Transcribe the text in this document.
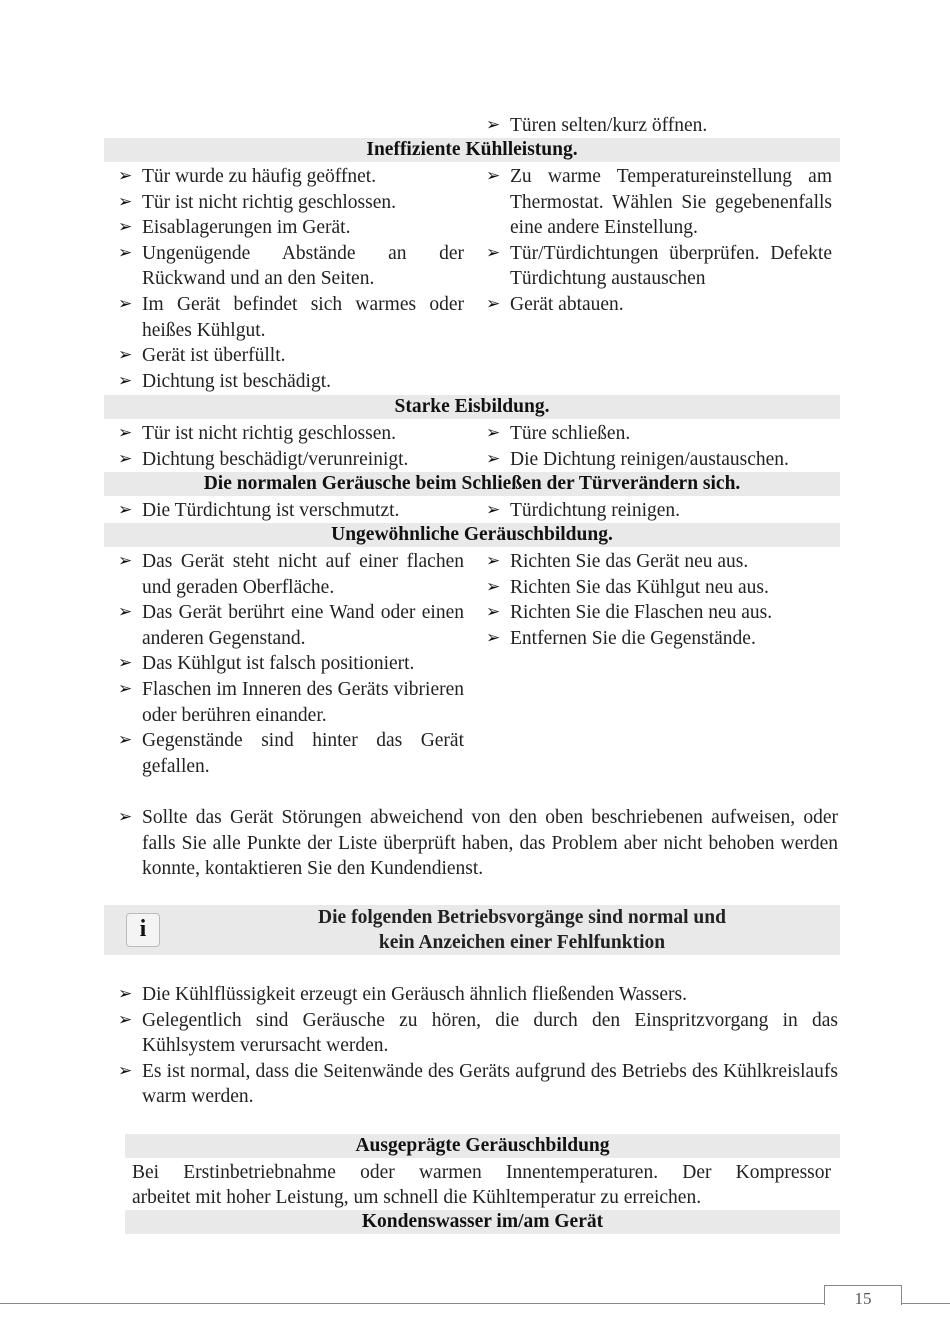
➢ Türen selten/kurz öffnen.
Ineffiziente Kühlleistung.
➢ Tür wurde zu häufig geöffnet.
➢ Tür ist nicht richtig geschlossen.
➢ Eisablagerungen im Gerät.
➢ Ungenügende Abstände an der Rückwand und an den Seiten.
➢ Im Gerät befindet sich warmes oder heißes Kühlgut.
➢ Gerät ist überfüllt.
➢ Dichtung ist beschädigt.
➢ Zu warme Temperatureinstellung am Thermostat. Wählen Sie gegebenenfalls eine andere Einstellung.
➢ Tür/Türdichtungen überprüfen. Defekte Türdichtung austauschen
➢ Gerät abtauen.
Starke Eisbildung.
➢ Tür ist nicht richtig geschlossen.
➢ Dichtung beschädigt/verunreinigt.
➢ Türe schließen.
➢ Die Dichtung reinigen/austauschen.
Die normalen Geräusche beim Schließen der Türverändern sich.
➢ Die Türdichtung ist verschmutzt.	➢ Türdichtung reinigen.
Ungewöhnliche Geräuschbildung.
➢ Das Gerät steht nicht auf einer flachen und geraden Oberfläche.
➢ Das Gerät berührt eine Wand oder einen anderen Gegenstand.
➢ Das Kühlgut ist falsch positioniert.
➢ Flaschen im Inneren des Geräts vibrieren oder berühren einander.
➢ Gegenstände sind hinter das Gerät gefallen.
➢ Richten Sie das Gerät neu aus.
➢ Richten Sie das Kühlgut neu aus.
➢ Richten Sie die Flaschen neu aus.
➢ Entfernen Sie die Gegenstände.
➢ Sollte das Gerät Störungen abweichend von den oben beschriebenen aufweisen, oder falls Sie alle Punkte der Liste überprüft haben, das Problem aber nicht behoben werden konnte, kontaktieren Sie den Kundendienst.
i	Die folgenden Betriebsvorgänge sind normal und
kein Anzeichen einer Fehlfunktion
➢ Die Kühlflüssigkeit erzeugt ein Geräusch ähnlich fließenden Wassers.
➢ Gelegentlich sind Geräusche zu hören, die durch den Einspritzvorgang in das Kühlsystem verursacht werden.
➢ Es ist normal, dass die Seitenwände des Geräts aufgrund des Betriebs des Kühlkreislaufs warm werden.
Ausgeprägte Geräuschbildung
Bei Erstinbetriebnahme oder warmen Innentemperaturen. Der Kompressor
arbeitet mit hoher Leistung, um schnell die Kühltemperatur zu erreichen.
Kondenswasser im/am Gerät
15
